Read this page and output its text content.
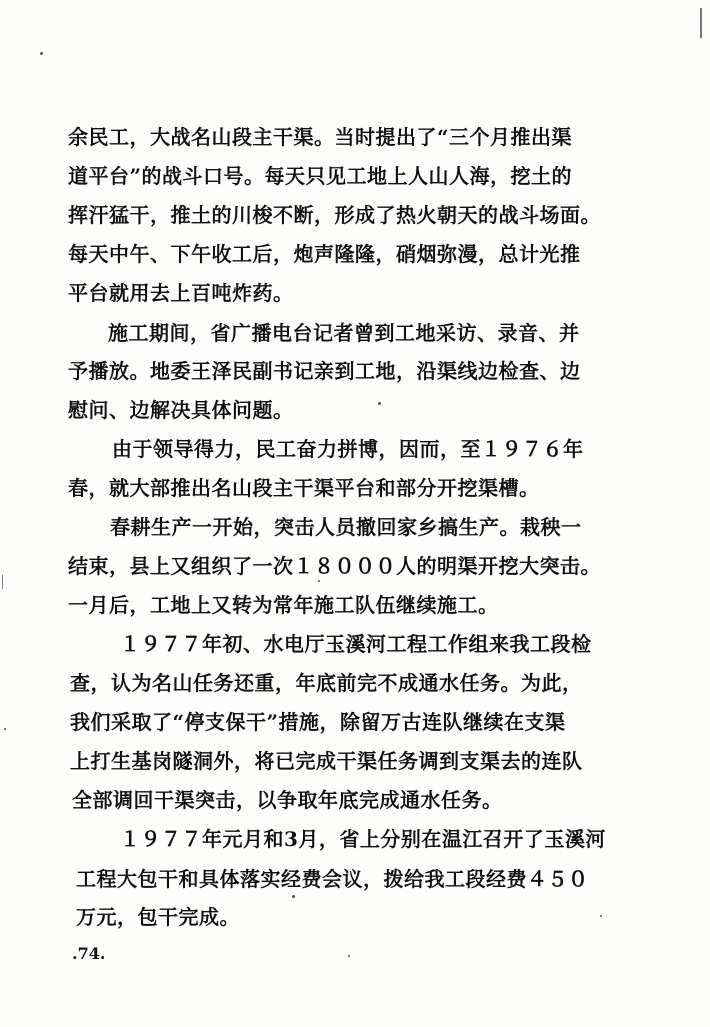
余民工，大战名山段主干渠。当时提出了“三个月推出渠
道平台”的战斗口号。每天只见工地上人山人海，挖土的
挥汗猛干，推土的川梭不断，形成了热火朝天的战斗场面。
每天中午、下午收工后，炮声隆隆，硝烟弥漫，总计光推
平台就用去上百吨炸药。
施工期间，省广播电台记者曾到工地采访、录音、并
予播放。地委王泽民副书记亲到工地，沿渠线边检查、边
慰问、边解决具体问题。
由于领导得力，民工奋力拼博，因而，至１９７６年
春，就大部推出名山段主干渠平台和部分开挖渠槽。
春耕生产一开始，突击人员撤回家乡搞生产。栽秧一
结束，县上又组织了一次１８０００人的明渠开挖大突击。
一月后，工地上又转为常年施工队伍继续施工。
１９７７年初、水电厅玉溪河工程工作组来我工段检
查，认为名山任务还重，年底前完不成通水任务。为此，
我们采取了“停支保干”措施，除留万古连队继续在支渠
上打生基岗隧洞外，将已完成干渠任务调到支渠去的连队
全部调回干渠突击，以争取年底完成通水任务。
１９７７年元月和3月，省上分别在温江召开了玉溪河
工程大包干和具体落实经费会议，拨给我工段经费４５０
万元，包干完成。
.74.
